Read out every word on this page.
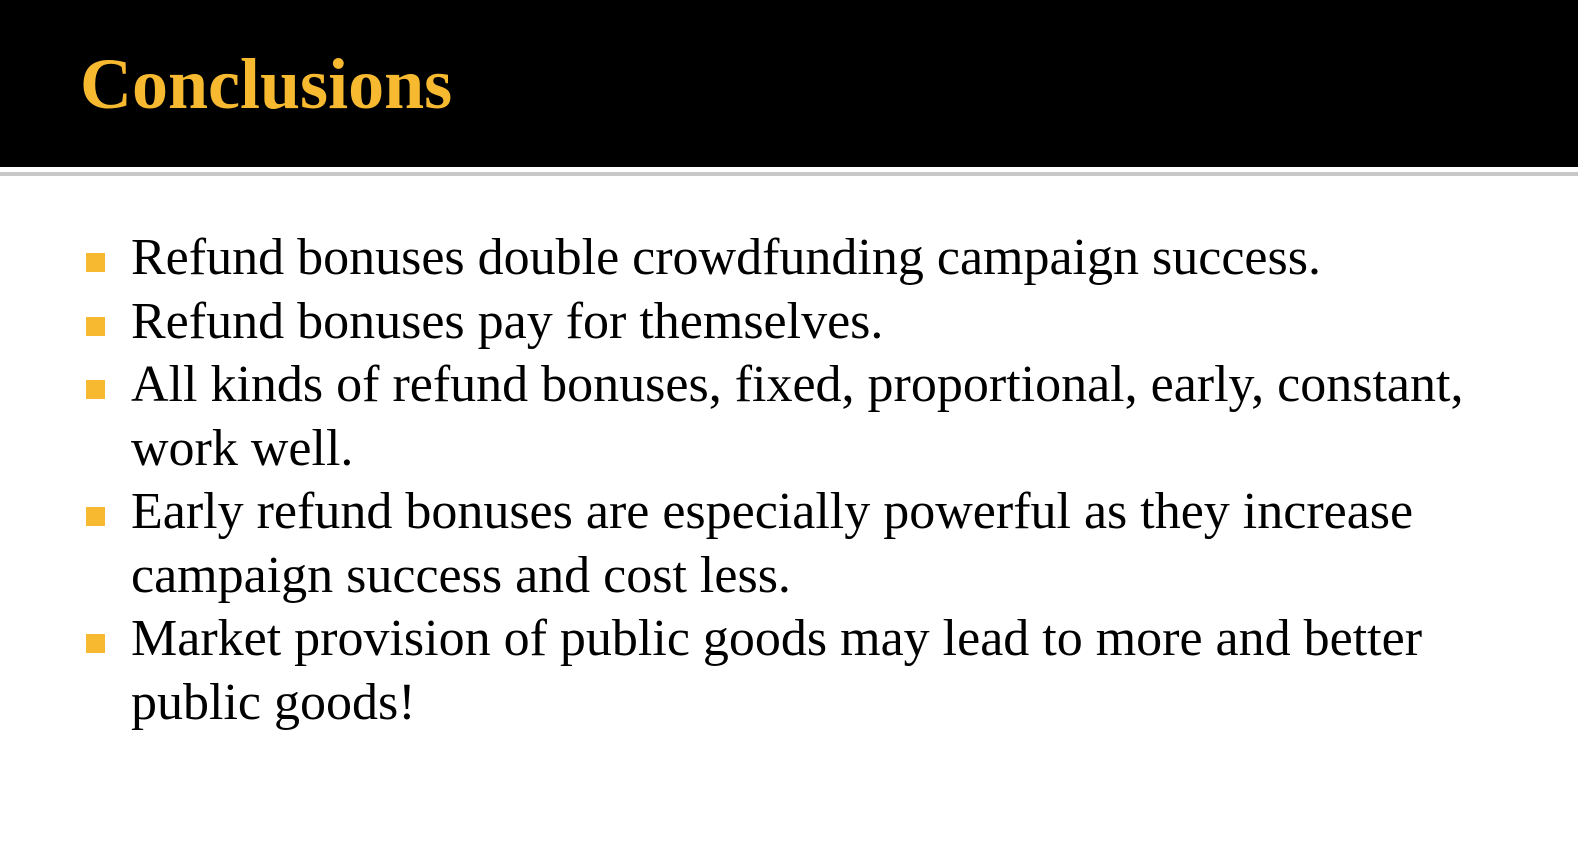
Conclusions
Refund bonuses double crowdfunding campaign success.
Refund bonuses pay for themselves.
All kinds of refund bonuses, fixed, proportional, early, constant, work well.
Early refund bonuses are especially powerful as they increase campaign success and cost less.
Market provision of public goods may lead to more and better public goods!
